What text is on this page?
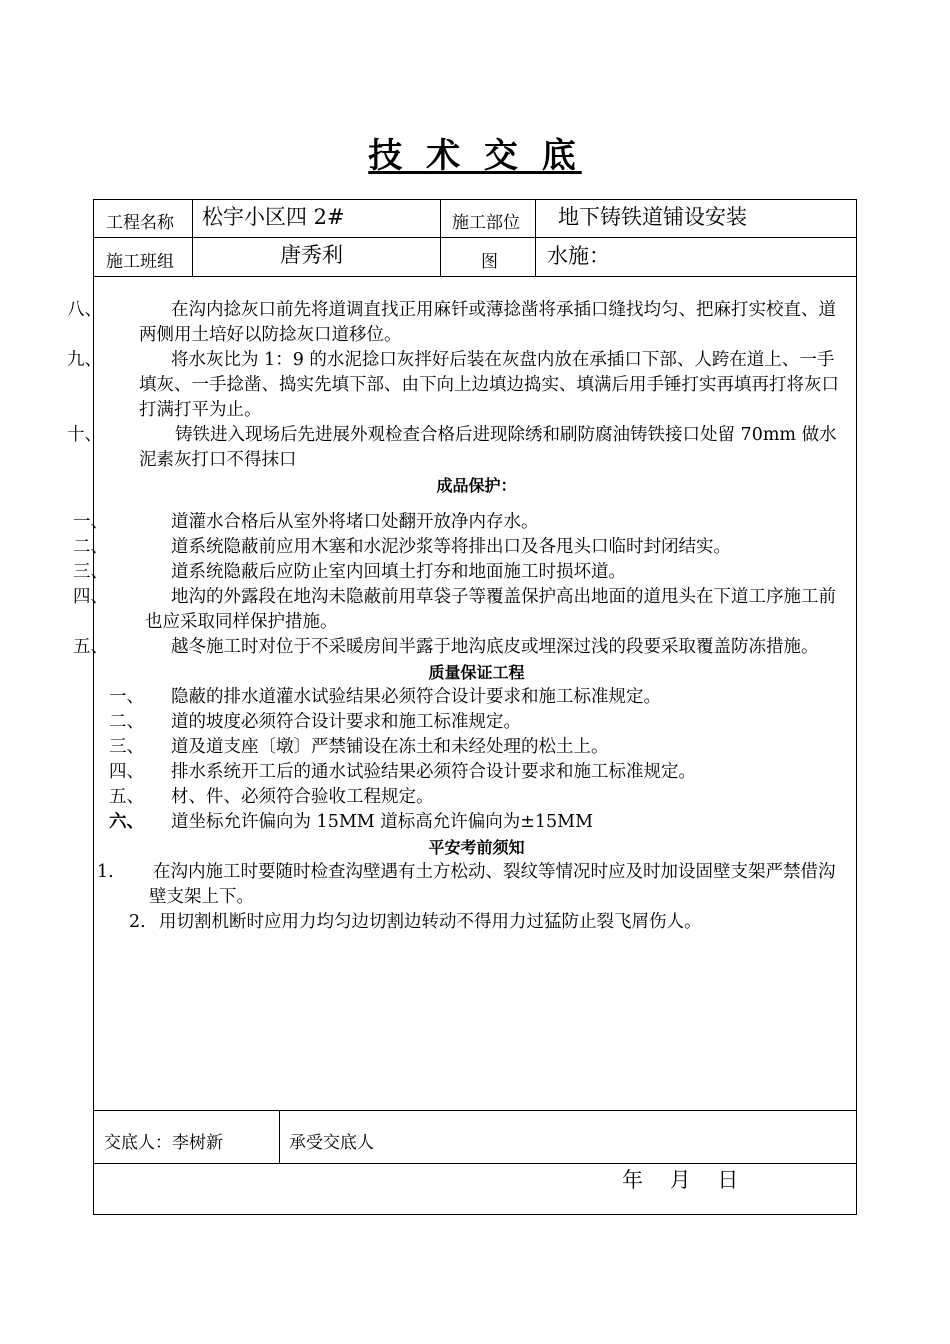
技 术 交 底
工程名称 松宇小区四 2#	施工部位 地下铸铁道铺设安装
施工班组	唐秀利	图 水施：
八、	在沟内捻灰口前先将道调直找正用麻钎或薄捻凿将承插口缝找均匀、把麻打实校直、道两侧用土培好以防捻灰口道移位。
九、	将水灰比为 1：9 的水泥捻口灰拌好后装在灰盘内放在承插口下部、人跨在道上、一手填灰、一手捻凿、捣实先填下部、由下向上边填边捣实、填满后用手锤打实再填再打将灰口打满打平为止。
十、	铸铁进入现场后先进展外观检查合格后进现除绣和刷防腐油铸铁接口处留 70mm 做水泥素灰打口不得抹口
成品保护：
一、	道灌水合格后从室外将堵口处翻开放净内存水。
二、	道系统隐蔽前应用木塞和水泥沙浆等将排出口及各甩头口临时封闭结实。
三、	道系统隐蔽后应防止室内回填土打夯和地面施工时损坏道。
四、	地沟的外露段在地沟未隐蔽前用草袋子等覆盖保护高出地面的道甩头在下道工序施工前也应采取同样保护措施。
五、	越冬施工时对位于不采暖房间半露于地沟底皮或埋深过浅的段要采取覆盖防冻措施。
质量保证工程
一、 隐蔽的排水道灌水试验结果必须符合设计要求和施工标准规定。
二、 道的坡度必须符合设计要求和施工标准规定。
三、 道及道支座〔墩〕严禁铺设在冻土和未经处理的松土上。
四、 排水系统开工后的通水试验结果必须符合设计要求和施工标准规定。
五、 材、件、必须符合验收工程规定。
六、 道坐标允许偏向为 15MM 道标高允许偏向为±15MM
平安考前须知
1. 在沟内施工时要随时检查沟壁遇有土方松动、裂纹等情况时应及时加设固壁支架严禁借沟壁支架上下。
2. 用切割机断时应用力均匀边切割边转动不得用力过猛防止裂飞屑伤人。
交底人：李树新	承受交底人
年    月    日
